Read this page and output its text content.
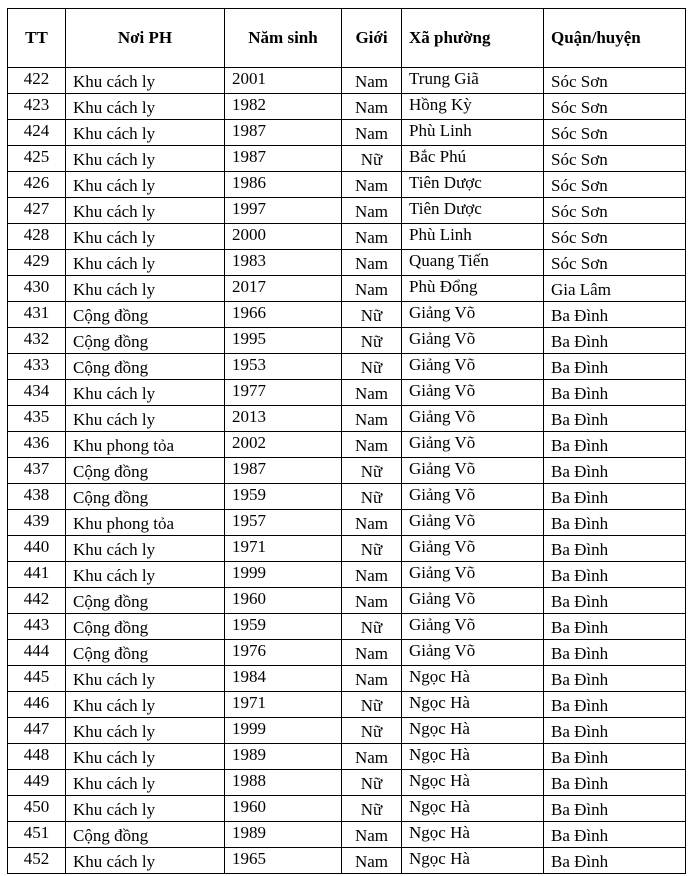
TT	Nơi PH	Năm sinh	Giới	Xã phường	Quận/huyện
422	Khu cách ly	2001	Nam	Trung Giã	Sóc Sơn
423	Khu cách ly	1982	Nam	Hồng Kỳ	Sóc Sơn
424	Khu cách ly	1987	Nam	Phù Linh	Sóc Sơn
425	Khu cách ly	1987	Nữ	Bắc Phú	Sóc Sơn
426	Khu cách ly	1986	Nam	Tiên Dược	Sóc Sơn
427	Khu cách ly	1997	Nam	Tiên Dược	Sóc Sơn
428	Khu cách ly	2000	Nam	Phù Linh	Sóc Sơn
429	Khu cách ly	1983	Nam	Quang Tiến	Sóc Sơn
430	Khu cách ly	2017	Nam	Phù Đổng	Gia Lâm
431	Cộng đồng	1966	Nữ	Giảng Võ	Ba Đình
432	Cộng đồng	1995	Nữ	Giảng Võ	Ba Đình
433	Cộng đồng	1953	Nữ	Giảng Võ	Ba Đình
434	Khu cách ly	1977	Nam	Giảng Võ	Ba Đình
435	Khu cách ly	2013	Nam	Giảng Võ	Ba Đình
436	Khu phong tỏa	2002	Nam	Giảng Võ	Ba Đình
437	Cộng đồng	1987	Nữ	Giảng Võ	Ba Đình
438	Cộng đồng	1959	Nữ	Giảng Võ	Ba Đình
439	Khu phong tỏa	1957	Nam	Giảng Võ	Ba Đình
440	Khu cách ly	1971	Nữ	Giảng Võ	Ba Đình
441	Khu cách ly	1999	Nam	Giảng Võ	Ba Đình
442	Cộng đồng	1960	Nam	Giảng Võ	Ba Đình
443	Cộng đồng	1959	Nữ	Giảng Võ	Ba Đình
444	Cộng đồng	1976	Nam	Giảng Võ	Ba Đình
445	Khu cách ly	1984	Nam	Ngọc Hà	Ba Đình
446	Khu cách ly	1971	Nữ	Ngọc Hà	Ba Đình
447	Khu cách ly	1999	Nữ	Ngọc Hà	Ba Đình
448	Khu cách ly	1989	Nam	Ngọc Hà	Ba Đình
449	Khu cách ly	1988	Nữ	Ngọc Hà	Ba Đình
450	Khu cách ly	1960	Nữ	Ngọc Hà	Ba Đình
451	Cộng đồng	1989	Nam	Ngọc Hà	Ba Đình
452	Khu cách ly	1965	Nam	Ngọc Hà	Ba Đình
